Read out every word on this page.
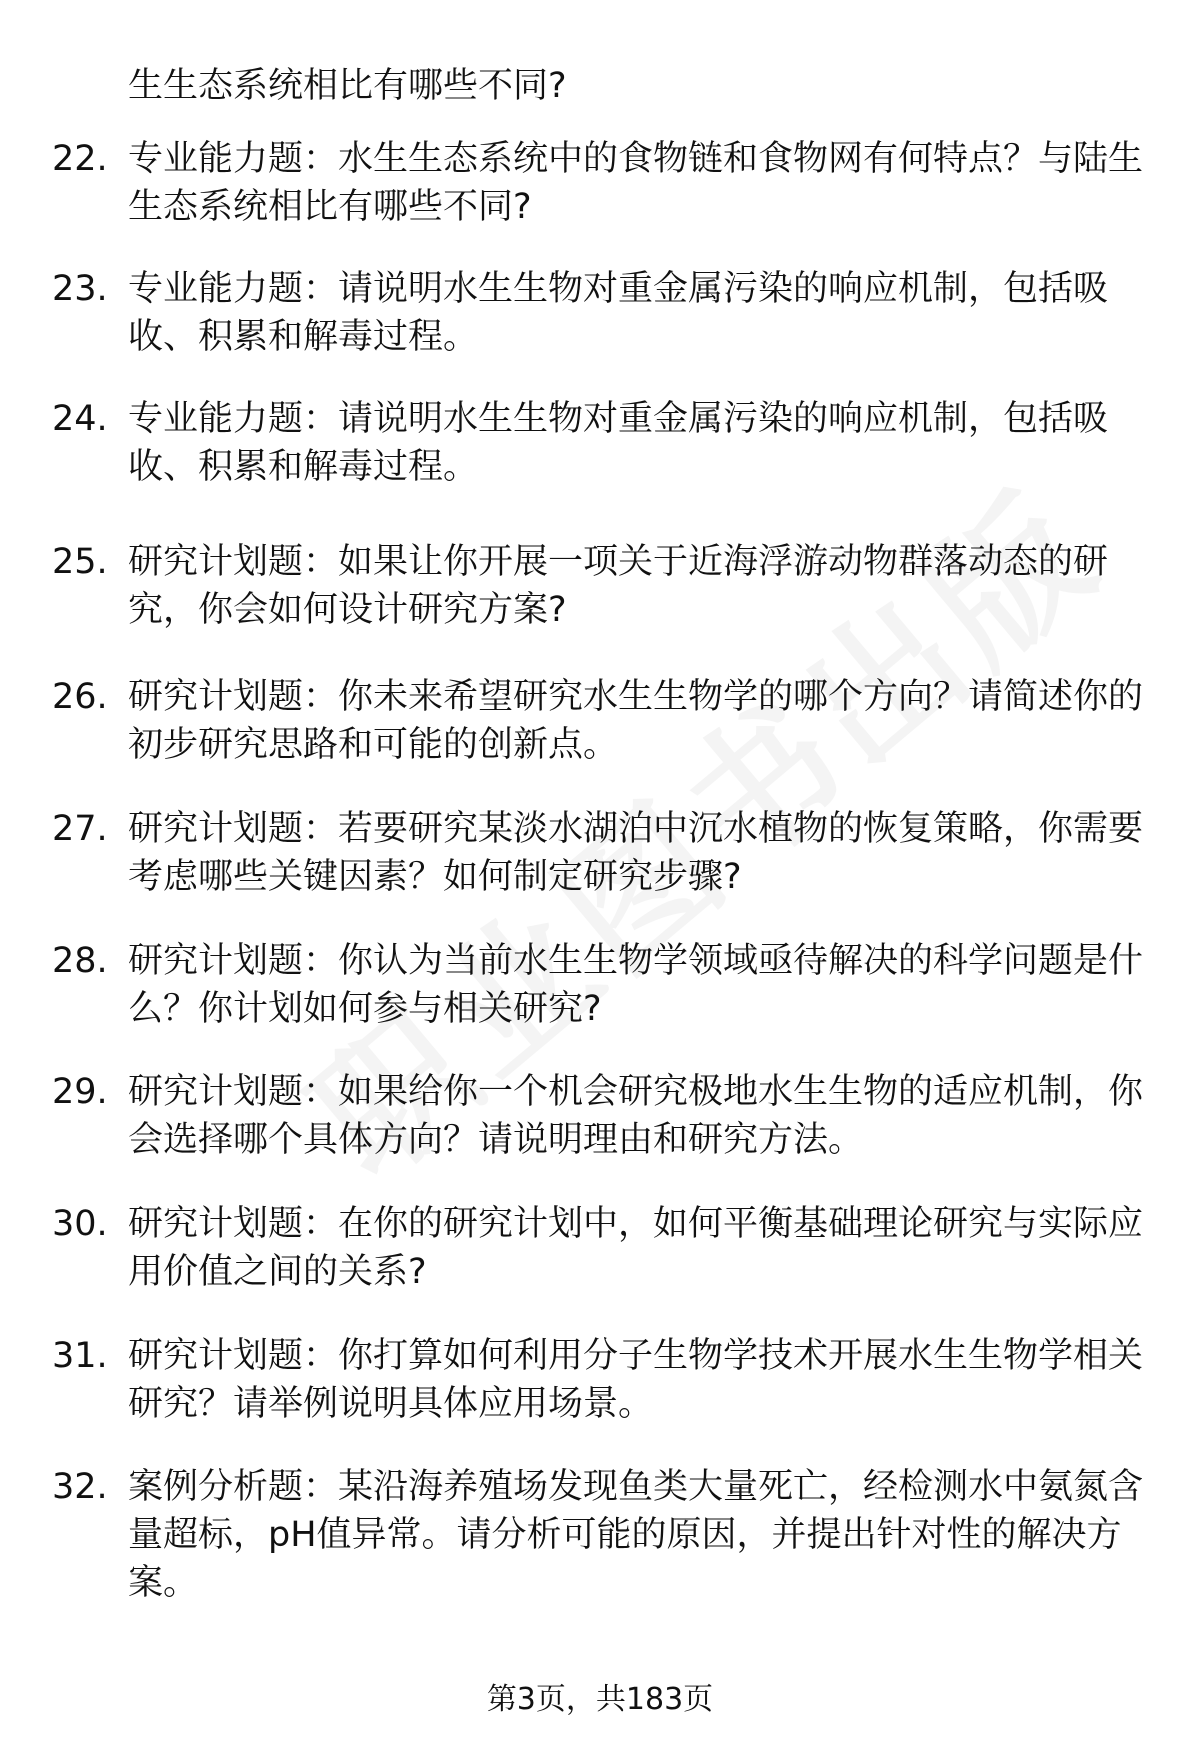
生生态系统相比有哪些不同?
22. 专业能力题：水生生态系统中的食物链和食物网有何特点？与陆生生态系统相比有哪些不同?
23. 专业能力题：请说明水生生物对重金属污染的响应机制，包括吸收、积累和解毒过程。
24. 专业能力题：请说明水生生物对重金属污染的响应机制，包括吸收、积累和解毒过程。
25. 研究计划题：如果让你开展一项关于近海浮游动物群落动态的研究，你会如何设计研究方案?
26. 研究计划题：你未来希望研究水生生物学的哪个方向？请简述你的初步研究思路和可能的创新点。
27. 研究计划题：若要研究某淡水湖泊中沉水植物的恢复策略，你需要考虑哪些关键因素？如何制定研究步骤?
28. 研究计划题：你认为当前水生生物学领域亟待解决的科学问题是什么？你计划如何参与相关研究?
29. 研究计划题：如果给你一个机会研究极地水生生物的适应机制，你会选择哪个具体方向？请说明理由和研究方法。
30. 研究计划题：在你的研究计划中，如何平衡基础理论研究与实际应用价值之间的关系?
31. 研究计划题：你打算如何利用分子生物学技术开展水生生物学相关研究？请举例说明具体应用场景。
32. 案例分析题：某沿海养殖场发现鱼类大量死亡，经检测水中氨氮含量超标，pH值异常。请分析可能的原因，并提出针对性的解决方案。
第3页，共183页
